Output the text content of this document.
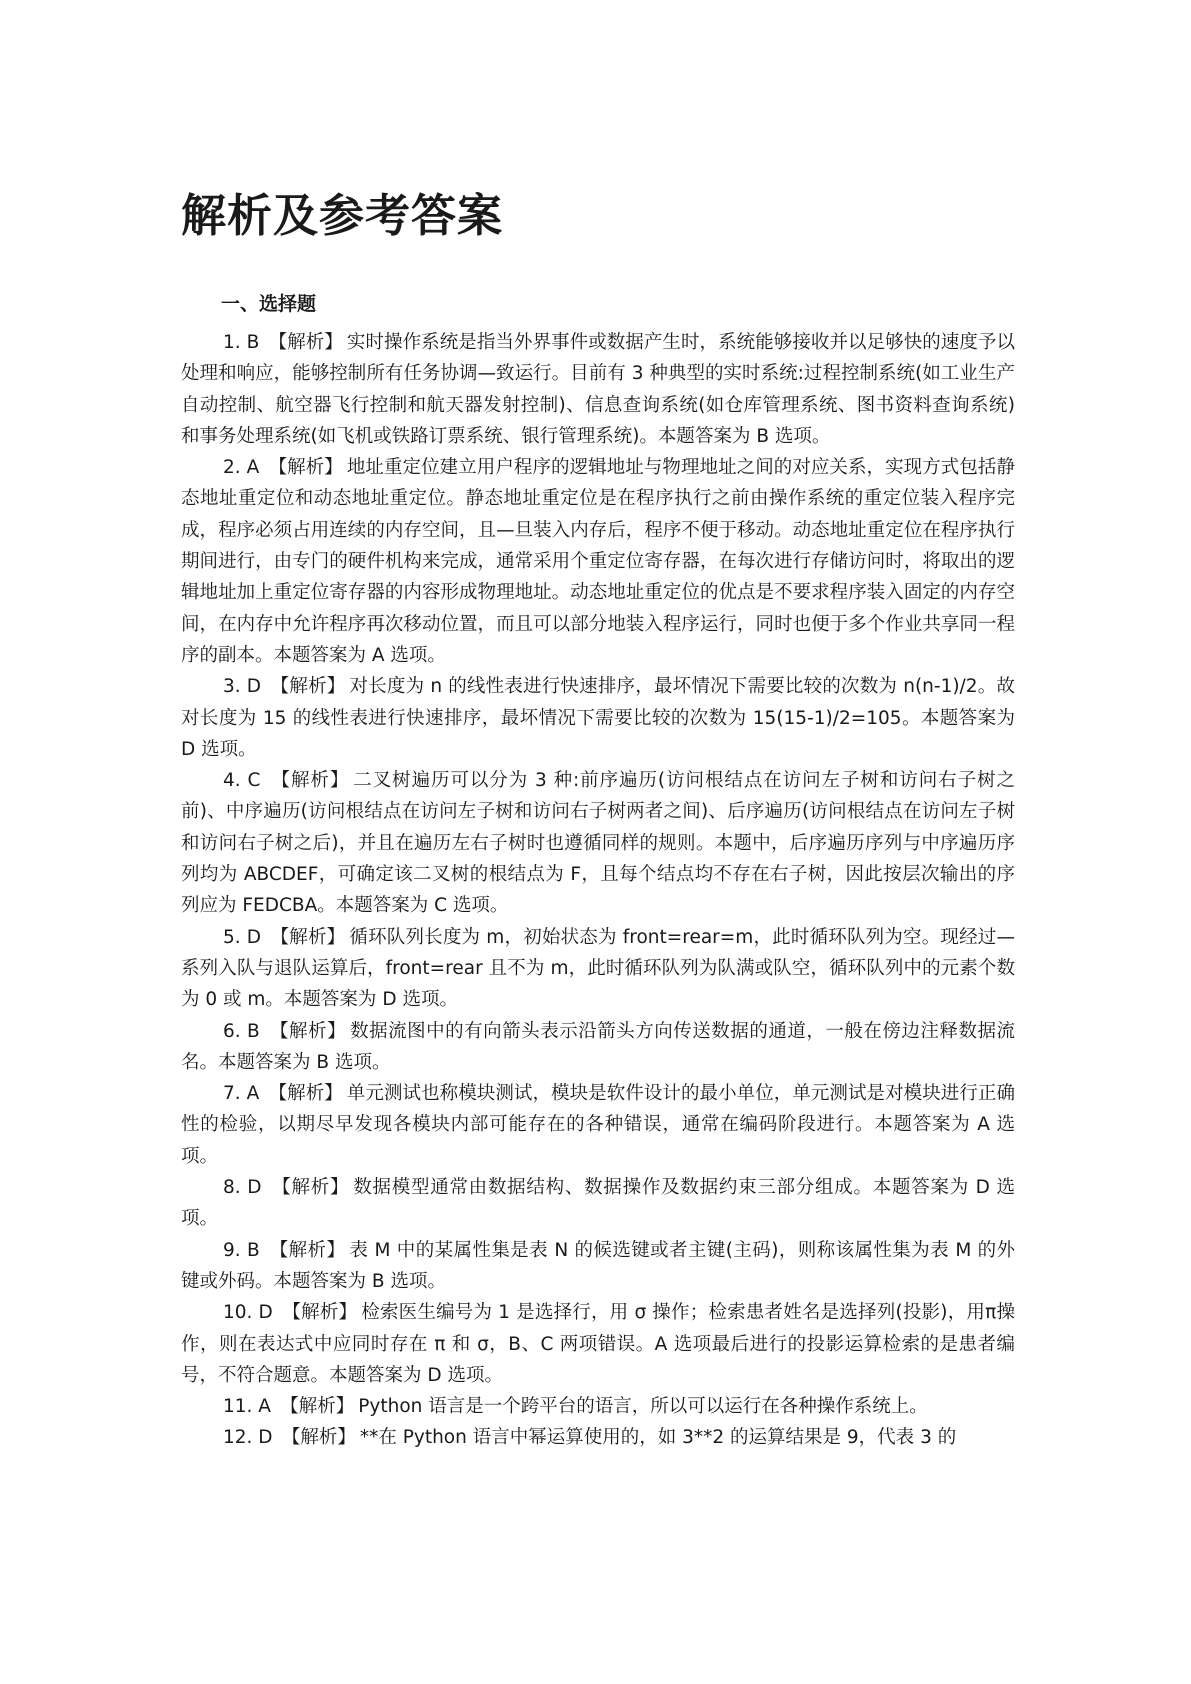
解析及参考答案
一、选择题

1. B　 【解析】 实时操作系统是指当外界事件或数据产生时，系统能够接收并以足够快的速度予以处理和响应，能够控制所有任务协调—致运行。目前有 3 种典型的实时系统:过程控制系统(如工业生产自动控制、航空器飞行控制和航天器发射控制)、信息查询系统(如仓库管理系统、图书资料查询系统)和事务处理系统(如飞机或铁路订票系统、银行管理系统)。本题答案为 B 选项。

2. A　 【解析】 地址重定位建立用户程序的逻辑地址与物理地址之间的对应关系，实现方式包括静态地址重定位和动态地址重定位。静态地址重定位是在程序执行之前由操作系统的重定位装入程序完成，程序必须占用连续的内存空间，且—旦装入内存后，程序不便于移动。动态地址重定位在程序执行期间进行，由专门的硬件机构来完成，通常采用个重定位寄存器，在每次进行存储访问时，将取出的逻辑地址加上重定位寄存器的内容形成物理地址。动态地址重定位的优点是不要求程序装入固定的内存空间，在内存中允许程序再次移动位置，而且可以部分地装入程序运行，同时也便于多个作业共享同一程序的副本。本题答案为 A 选项。

3. D　 【解析】 对长度为 n 的线性表进行快速排序，最坏情况下需要比较的次数为 n(n-1)/2。故对长度为 15 的线性表进行快速排序，最坏情况下需要比较的次数为 15(15-1)/2=105。本题答案为 D 选项。

4. C　 【解析】 二叉树遍历可以分为 3 种:前序遍历(访问根结点在访问左子树和访问右子树之前)、中序遍历(访问根结点在访问左子树和访问右子树两者之间)、后序遍历(访问根结点在访问左子树和访问右子树之后)，并且在遍历左右子树时也遵循同样的规则。本题中，后序遍历序列与中序遍历序列均为 ABCDEF，可确定该二叉树的根结点为 F，且每个结点均不存在右子树，因此按层次输出的序列应为 FEDCBA。本题答案为 C 选项。

5. D　 【解析】 循环队列长度为 m，初始状态为 front=rear=m，此时循环队列为空。现经过—系列入队与退队运算后，front=rear 且不为 m，此时循环队列为队满或队空，循环队列中的元素个数为 0 或 m。本题答案为 D 选项。

6. B　 【解析】 数据流图中的有向箭头表示沿箭头方向传送数据的通道，一般在傍边注释数据流名。本题答案为 B 选项。

7. A　 【解析】 单元测试也称模块测试，模块是软件设计的最小单位，单元测试是对模块进行正确性的检验，以期尽早发现各模块内部可能存在的各种错误，通常在编码阶段进行。本题答案为 A 选项。

8. D　 【解析】 数据模型通常由数据结构、数据操作及数据约束三部分组成。本题答案为 D 选项。

9. B　 【解析】 表 M 中的某属性集是表 N 的候选键或者主键(主码)，则称该属性集为表 M 的外键或外码。本题答案为 B 选项。

10. D　 【解析】 检索医生编号为 1 是选择行，用 σ 操作；检索患者姓名是选择列(投影)，用π操作，则在表达式中应同时存在 π 和 σ，B、C 两项错误。A 选项最后进行的投影运算检索的是患者编号，不符合题意。本题答案为 D 选项。

11. A　 【解析】 Python 语言是一个跨平台的语言，所以可以运行在各种操作系统上。

12. D　 【解析】 **在 Python 语言中幂运算使用的，如 3**2 的运算结果是 9，代表 3 的
